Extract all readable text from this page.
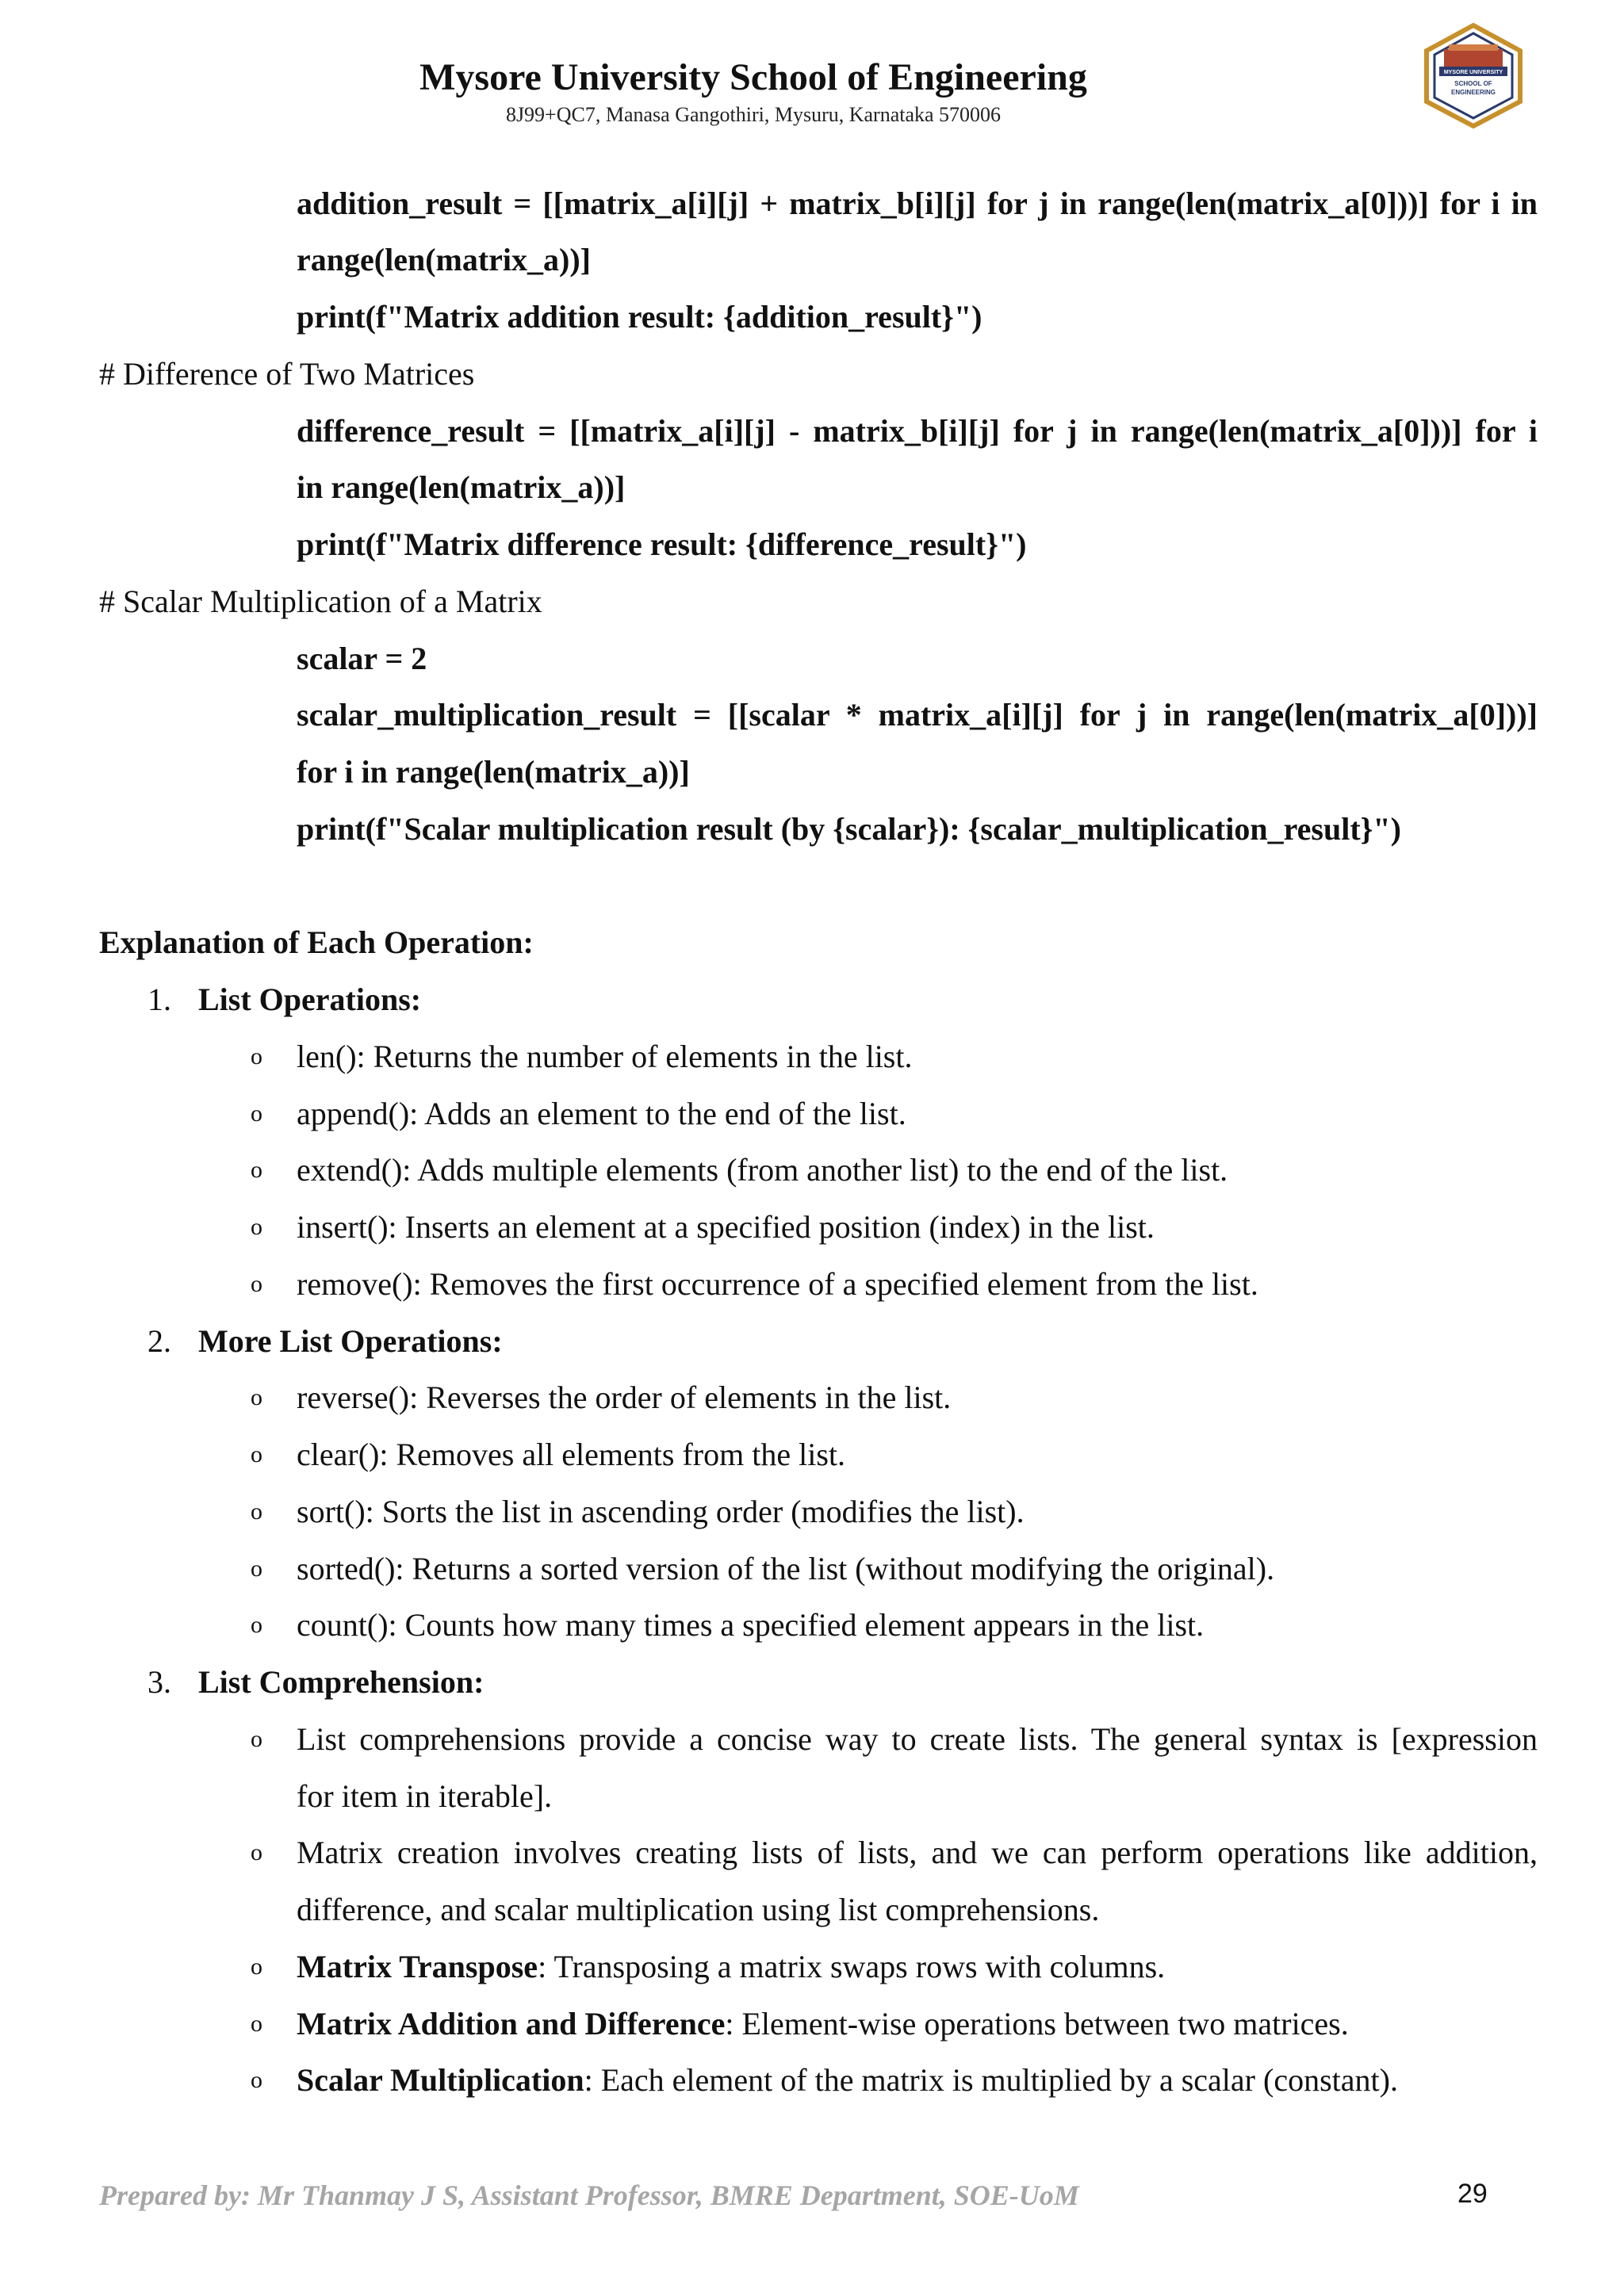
Mysore University School of Engineering
8J99+QC7, Manasa Gangothiri, Mysuru, Karnataka 570006
MYSORE UNIVERSITY
SCHOOL OF
ENGINEERING
addition_result = [[matrix_a[i][j] + matrix_b[i][j] for j in range(len(matrix_a[0]))] for i in
range(len(matrix_a))]
print(f"Matrix addition result: {addition_result}")
# Difference of Two Matrices
difference_result = [[matrix_a[i][j] - matrix_b[i][j] for j in range(len(matrix_a[0]))] for i
in range(len(matrix_a))]
print(f"Matrix difference result: {difference_result}")
# Scalar Multiplication of a Matrix
scalar = 2
scalar_multiplication_result = [[scalar * matrix_a[i][j] for j in range(len(matrix_a[0]))]
for i in range(len(matrix_a))]
print(f"Scalar multiplication result (by {scalar}): {scalar_multiplication_result}")
Explanation of Each Operation:
1. List Operations:
o len(): Returns the number of elements in the list.
o append(): Adds an element to the end of the list.
o extend(): Adds multiple elements (from another list) to the end of the list.
o insert(): Inserts an element at a specified position (index) in the list.
o remove(): Removes the first occurrence of a specified element from the list.
2. More List Operations:
o reverse(): Reverses the order of elements in the list.
o clear(): Removes all elements from the list.
o sort(): Sorts the list in ascending order (modifies the list).
o sorted(): Returns a sorted version of the list (without modifying the original).
o count(): Counts how many times a specified element appears in the list.
3. List Comprehension:
o List comprehensions provide a concise way to create lists. The general syntax is [expression
for item in iterable].
o Matrix creation involves creating lists of lists, and we can perform operations like addition,
difference, and scalar multiplication using list comprehensions.
o Matrix Transpose: Transposing a matrix swaps rows with columns.
o Matrix Addition and Difference: Element-wise operations between two matrices.
o Scalar Multiplication: Each element of the matrix is multiplied by a scalar (constant).
Prepared by: Mr Thanmay J S, Assistant Professor, BMRE Department, SOE-UoM	29
